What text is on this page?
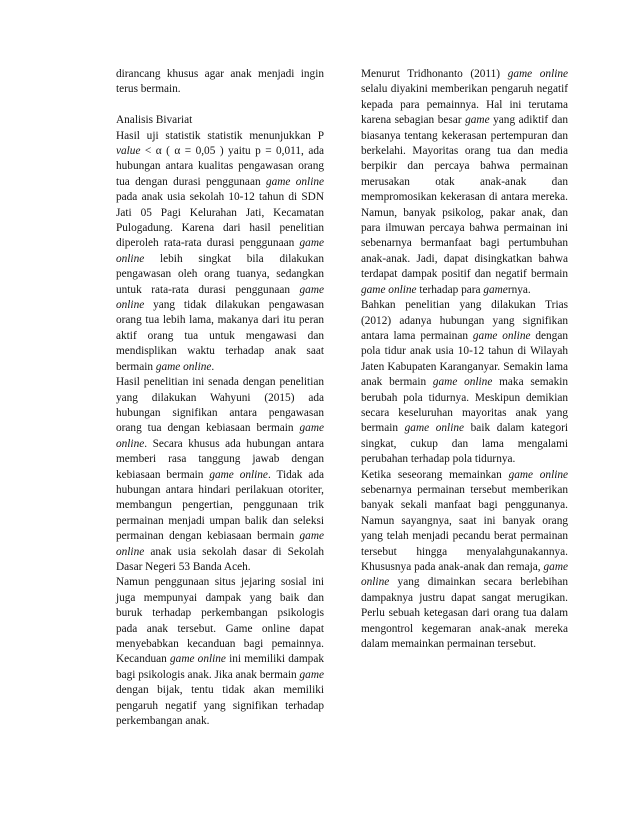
dirancang khusus agar anak menjadi ingin terus bermain.

Analisis Bivariat

Hasil uji statistik statistik menunjukkan P value < α ( α = 0,05 ) yaitu p = 0,011, ada hubungan antara kualitas pengawasan orang tua dengan durasi penggunaan game online pada anak usia sekolah 10-12 tahun di SDN Jati 05 Pagi Kelurahan Jati, Kecamatan Pulogadung. Karena dari hasil penelitian diperoleh rata-rata durasi penggunaan game online lebih singkat bila dilakukan pengawasan oleh orang tuanya, sedangkan untuk rata-rata durasi penggunaan game online yang tidak dilakukan pengawasan orang tua lebih lama, makanya dari itu peran aktif orang tua untuk mengawasi dan mendisplikan waktu terhadap anak saat bermain game online.

Hasil penelitian ini senada dengan penelitian yang dilakukan Wahyuni (2015) ada hubungan signifikan antara pengawasan orang tua dengan kebiasaan bermain game online. Secara khusus ada hubungan antara memberi rasa tanggung jawab dengan kebiasaan bermain game online. Tidak ada hubungan antara hindari perilakuan otoriter, membangun pengertian, penggunaan trik permainan menjadi umpan balik dan seleksi permainan dengan kebiasaan bermain game online anak usia sekolah dasar di Sekolah Dasar Negeri 53 Banda Aceh.

Namun penggunaan situs jejaring sosial ini juga mempunyai dampak yang baik dan buruk terhadap perkembangan psikologis pada anak tersebut. Game online dapat menyebabkan kecanduan bagi pemainnya. Kecanduan game online ini memiliki dampak bagi psikologis anak. Jika anak bermain game dengan bijak, tentu tidak akan memiliki pengaruh negatif yang signifikan terhadap perkembangan anak.

Menurut Tridhonanto (2011) game online selalu diyakini memberikan pengaruh negatif kepada para pemainnya. Hal ini terutama karena sebagian besar game yang adiktif dan biasanya tentang kekerasan pertempuran dan berkelahi. Mayoritas orang tua dan media berpikir dan percaya bahwa permainan merusakan otak anak-anak dan mempromosikan kekerasan di antara mereka. Namun, banyak psikolog, pakar anak, dan para ilmuwan percaya bahwa permainan ini sebenarnya bermanfaat bagi pertumbuhan anak-anak. Jadi, dapat disingkatkan bahwa terdapat dampak positif dan negatif bermain game online terhadap para gamernya.

Bahkan penelitian yang dilakukan Trias (2012) adanya hubungan yang signifikan antara lama permainan game online dengan pola tidur anak usia 10-12 tahun di Wilayah Jaten Kabupaten Karanganyar. Semakin lama anak bermain game online maka semakin berubah pola tidurnya. Meskipun demikian secara keseluruhan mayoritas anak yang bermain game online baik dalam kategori singkat, cukup dan lama mengalami perubahan terhadap pola tidurnya.

Ketika seseorang memainkan game online sebenarnya permainan tersebut memberikan banyak sekali manfaat bagi penggunanya. Namun sayangnya, saat ini banyak orang yang telah menjadi pecandu berat permainan tersebut hingga menyalahgunakannya. Khususnya pada anak-anak dan remaja, game online yang dimainkan secara berlebihan dampaknya justru dapat sangat merugikan. Perlu sebuah ketegasan dari orang tua dalam mengontrol kegemaran anak-anak mereka dalam memainkan permainan tersebut.
